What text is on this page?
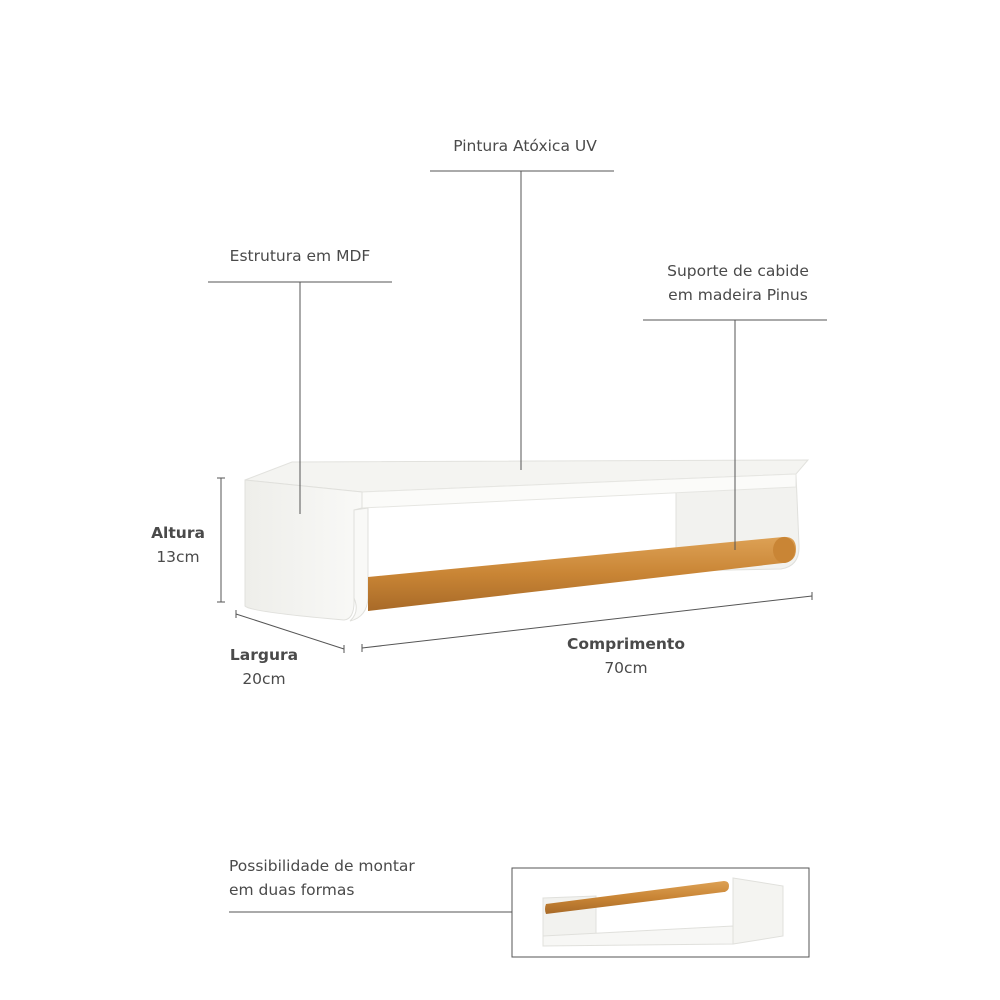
Pintura Atóxica UV
Estrutura em MDF
Suporte de cabide
em madeira Pinus
Altura
13cm
Largura
20cm
Comprimento
70cm
Possibilidade de montar
em duas formas
